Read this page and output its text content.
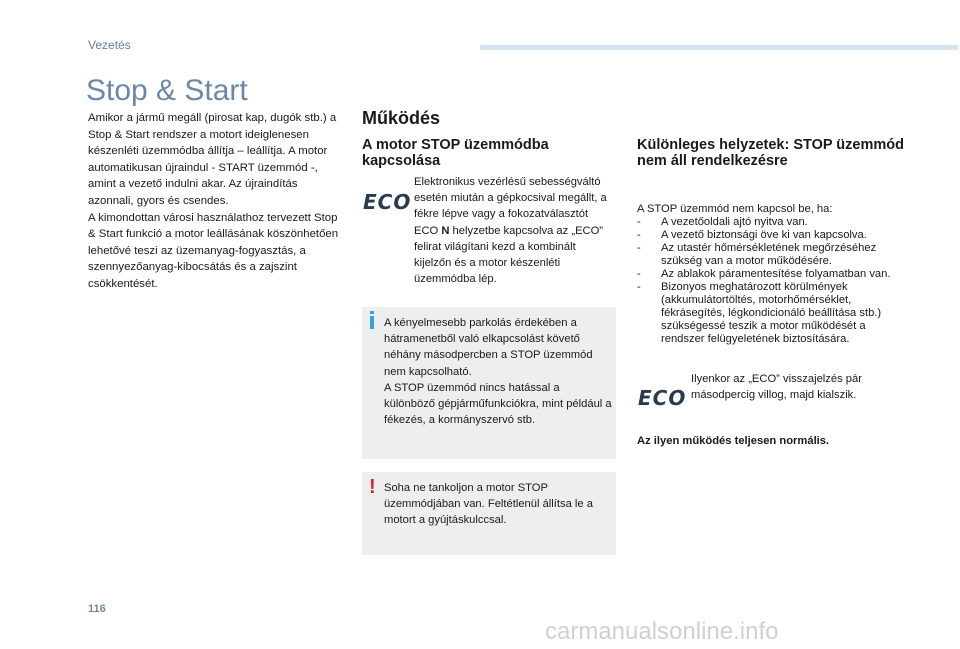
Vezetés
Stop & Start

Amikor a jármű megáll (pirosat kap, dugók stb.) a Stop & Start rendszer a motort ideiglenesen készenléti üzemmódba állítja – leállítja. A motor automatikusan újraindul - START üzemmód -, amint a vezető indulni akar. Az újraindítás azonnali, gyors és csendes.

A kimondottan városi használathoz tervezett Stop & Start funkció a motor leállásának köszönhetően lehetővé teszi az üzemanyag-fogyasztás, a szennyezőanyag-kibocsátás és a zajszint csökkentését.

Működés
A motor STOP üzemmódba kapcsolása
ECO

Elektronikus vezérlésű sebességváltó esetén miután a gépkocsival megállt, a fékre lépve vagy a fokozatválasztót ECO N helyzetbe kapcsolva az „ECO” felirat világítani kezd a kombinált kijelzőn és a motor készenléti üzemmódba lép.

A kényelmesebb parkolás érdekében a hátramenetből való elkapcsolást követő néhány másodpercben a STOP üzemmód nem kapcsolható.

A STOP üzemmód nincs hatással a különböző gépjárműfunkciókra, mint például a fékezés, a kormányszervó stb.

! Soha ne tankoljon a motor STOP üzemmódjában van. Feltétlenül állítsa le a motort a gyújtáskulccsal.

Különleges helyzetek: STOP üzemmód nem áll rendelkezésre
A STOP üzemmód nem kapcsol be, ha:
- A vezetőoldali ajtó nyitva van.
- A vezető biztonsági öve ki van kapcsolva.
- Az utastér hőmérsékletének megőrzéséhez szükség van a motor működésére.
- Az ablakok páramentesítése folyamatban van.
- Bizonyos meghatározott körülmények (akkumulátortöltés, motorhőmérséklet, fékrásegítés, légkondicionáló beállítása stb.) szükségessé teszik a motor működését a rendszer felügyeletének biztosítására.
ECO
Ilyenkor az „ECO” visszajelzés pár másodpercig villog, majd kialszik.
Az ilyen működés teljesen normális.
116
carmanualsonline.info
